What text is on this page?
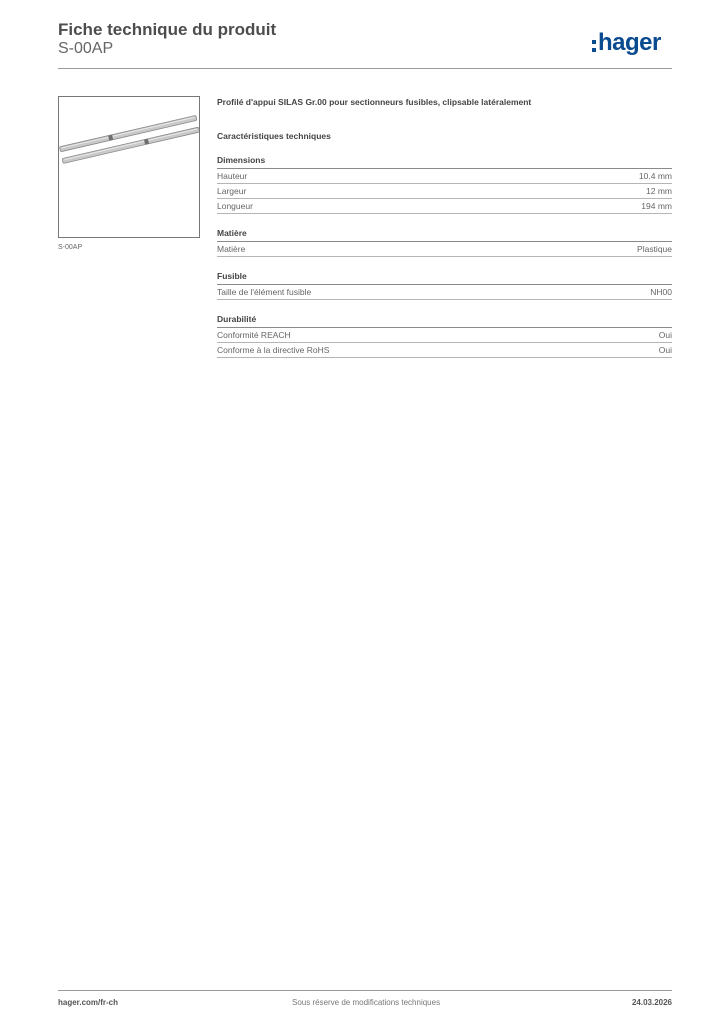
Fiche technique du produit
S-00AP	hager
S-00AP

Profilé d'appui SILAS Gr.00 pour sectionneurs fusibles, clipsable latéralement

Caractéristiques techniques
Dimensions
Hauteur	10.4 mm
Largeur	12 mm
Longueur	194 mm
Matière
Matière	Plastique
Fusible
Taille de l'élément fusible	NH00
Durabilité
Conformité REACH	Oui
Conforme à la directive RoHS	Oui
hager.com/fr-ch	Sous réserve de modifications techniques	24.03.2026
